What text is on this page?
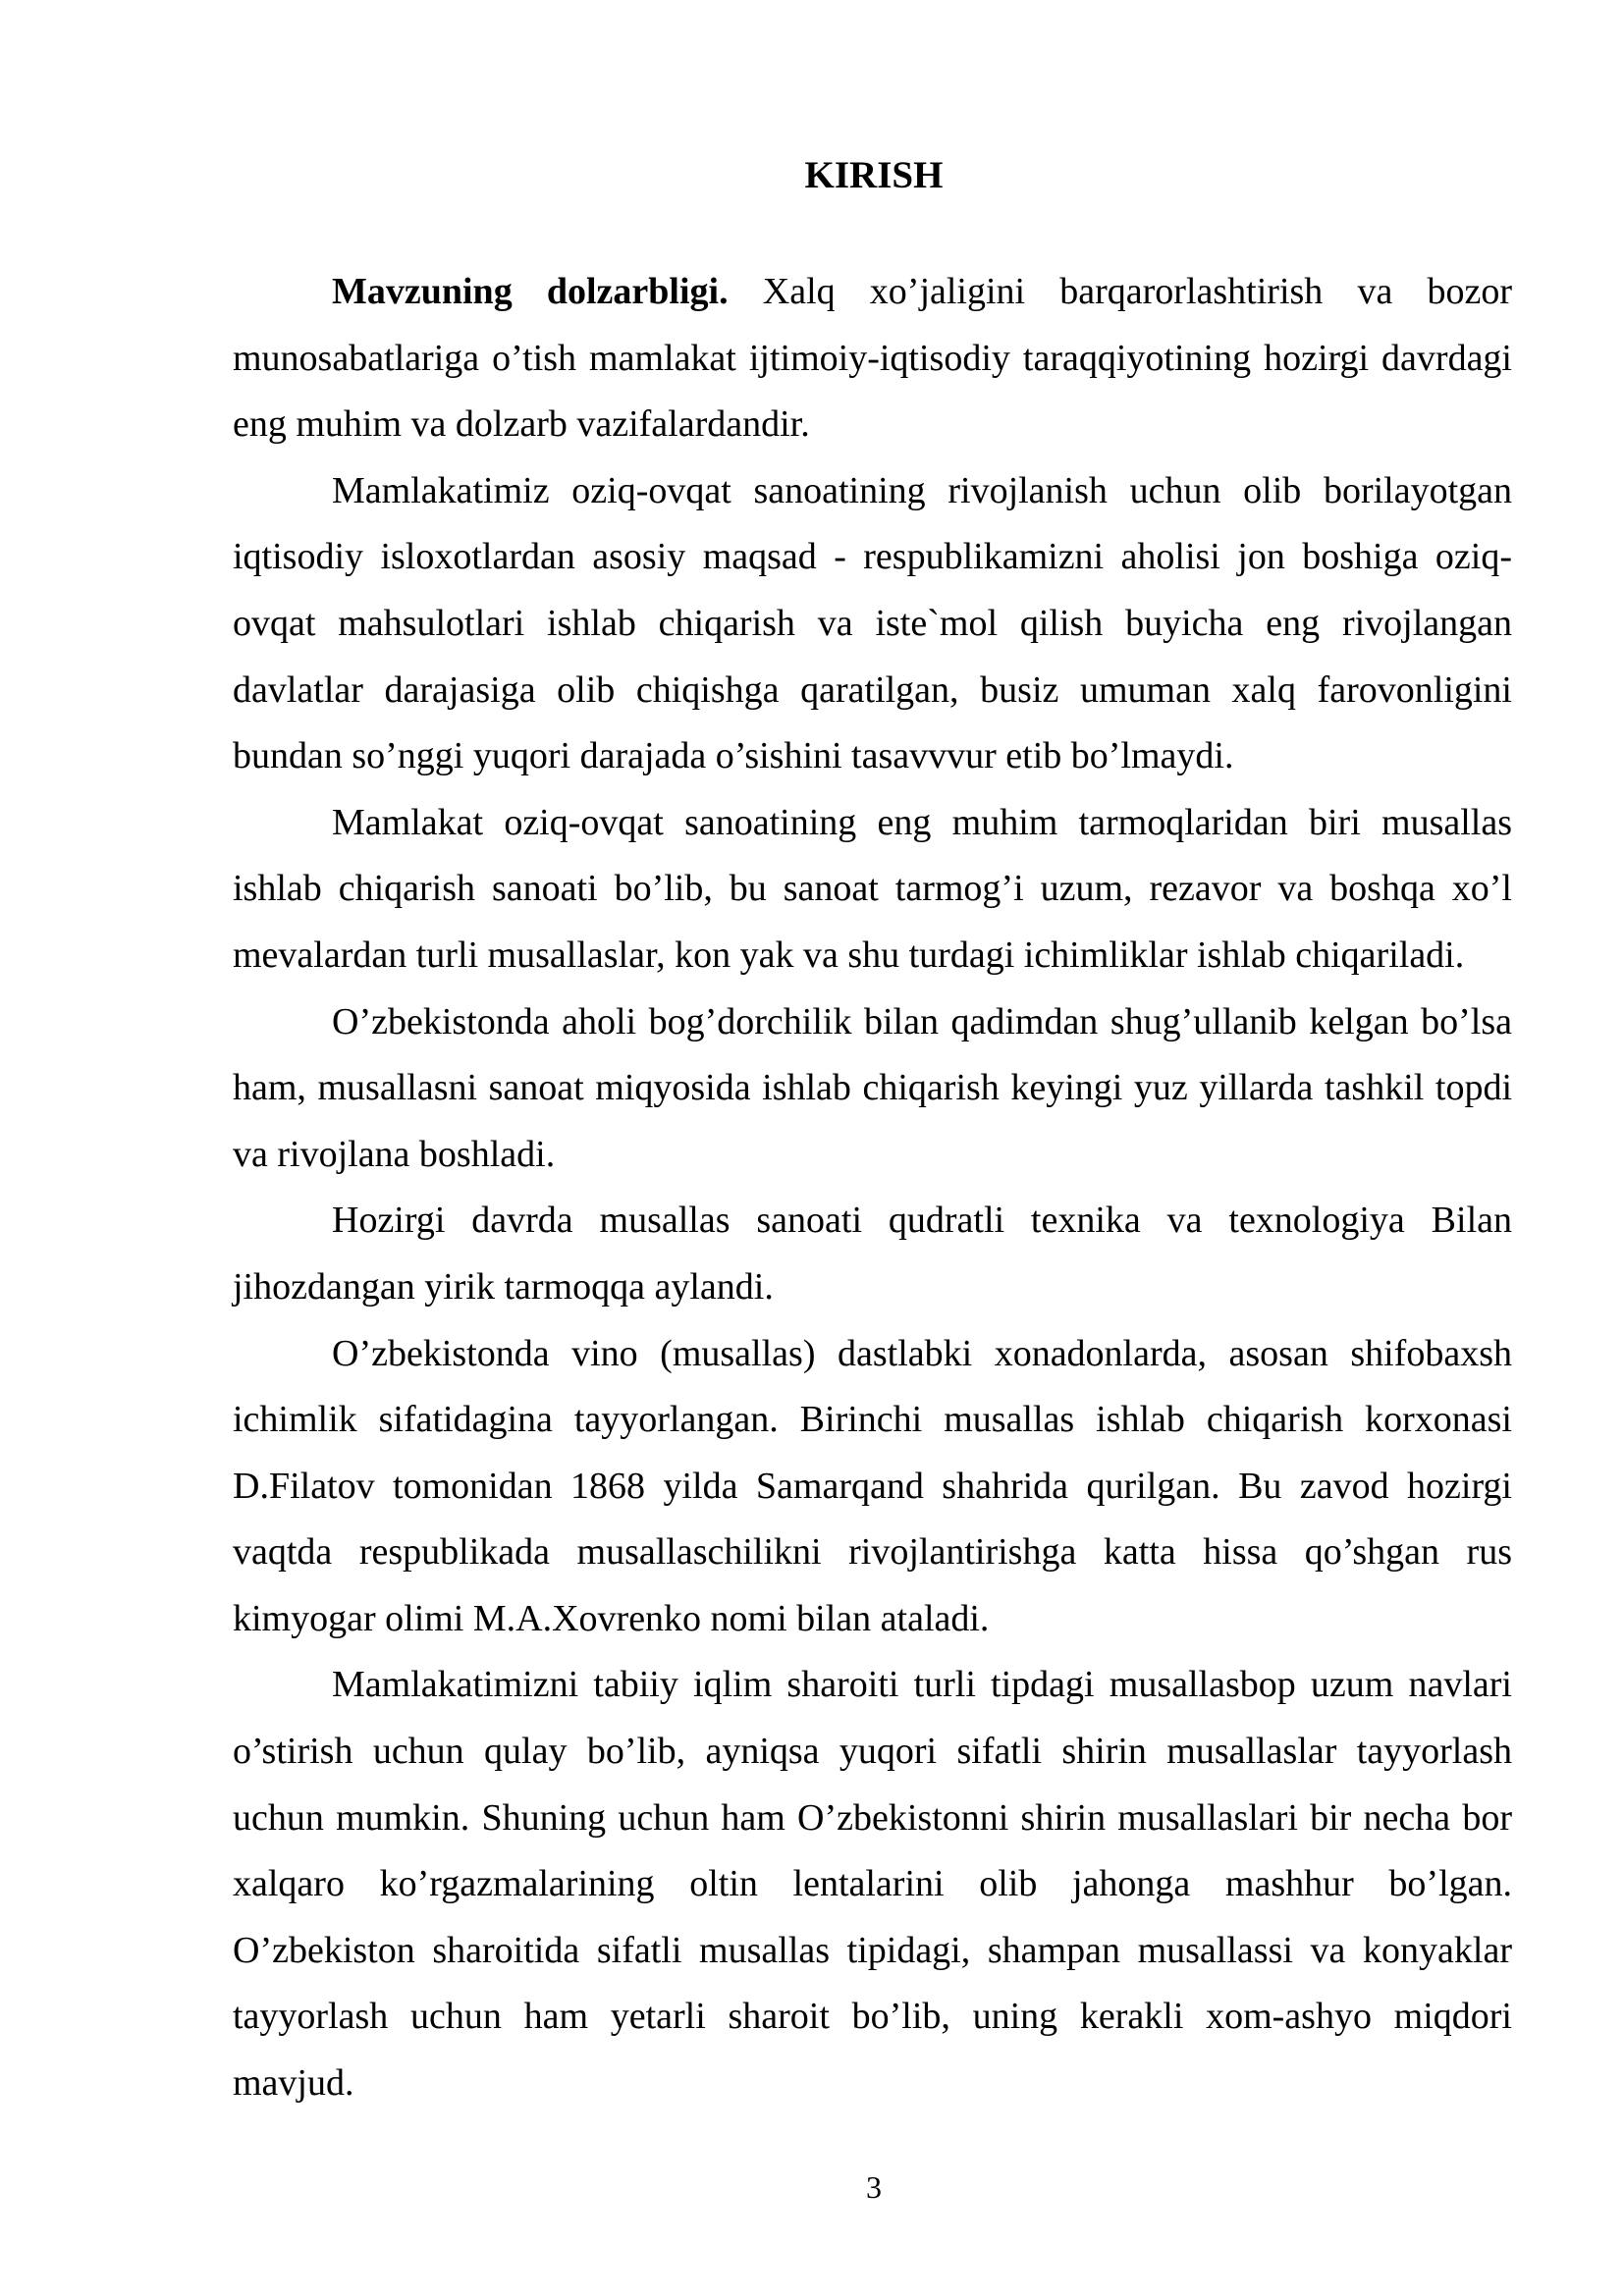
KIRISH

Mavzuning dolzarbligi. Xalq xo’jaligini barqarorlashtirish va bozor munosabatlariga o’tish mamlakat ijtimoiy-iqtisodiy taraqqiyotining hozirgi davrdagi eng muhim va dolzarb vazifalardandir.

Mamlakatimiz oziq-ovqat sanoatining rivojlanish uchun olib borilayotgan iqtisodiy isloxotlardan asosiy maqsad - respublikamizni aholisi jon boshiga oziq-ovqat mahsulotlari ishlab chiqarish va iste`mol qilish buyicha eng rivojlangan davlatlar darajasiga olib chiqishga qaratilgan, busiz umuman xalq farovonligini bundan so’nggi yuqori darajada o’sishini tasavvvur etib bo’lmaydi.

Mamlakat oziq-ovqat sanoatining eng muhim tarmoqlaridan biri musallas ishlab chiqarish sanoati bo’lib, bu sanoat tarmog’i uzum, rezavor va boshqa xo’l mevalardan turli musallaslar, kon yak va shu turdagi ichimliklar ishlab chiqariladi.

O’zbekistonda aholi bog’dorchilik bilan qadimdan shug’ullanib kelgan bo’lsa ham, musallasni sanoat miqyosida ishlab chiqarish keyingi yuz yillarda tashkil topdi va rivojlana boshladi.

Hozirgi davrda musallas sanoati qudratli texnika va texnologiya Bilan jihozdangan yirik tarmoqqa aylandi.

O’zbekistonda vino (musallas) dastlabki xonadonlarda, asosan shifobaxsh ichimlik sifatidagina tayyorlangan. Birinchi musallas ishlab chiqarish korxonasi D.Filatov tomonidan 1868 yilda Samarqand shahrida qurilgan. Bu zavod hozirgi vaqtda respublikada musallaschilikni rivojlantirishga katta hissa qo’shgan rus kimyogar olimi M.A.Xovrenko nomi bilan ataladi.

Mamlakatimizni tabiiy iqlim sharoiti turli tipdagi musallasbop uzum navlari o’stirish uchun qulay bo’lib, ayniqsa yuqori sifatli shirin musallaslar tayyorlash uchun mumkin. Shuning uchun ham O’zbekistonni shirin musallaslari bir necha bor xalqaro ko’rgazmalarining oltin lentalarini olib jahonga mashhur bo’lgan. O’zbekiston sharoitida sifatli musallas tipidagi, shampan musallassi va konyaklar tayyorlash uchun ham yetarli sharoit bo’lib, uning kerakli xom-ashyo miqdori mavjud.

3
